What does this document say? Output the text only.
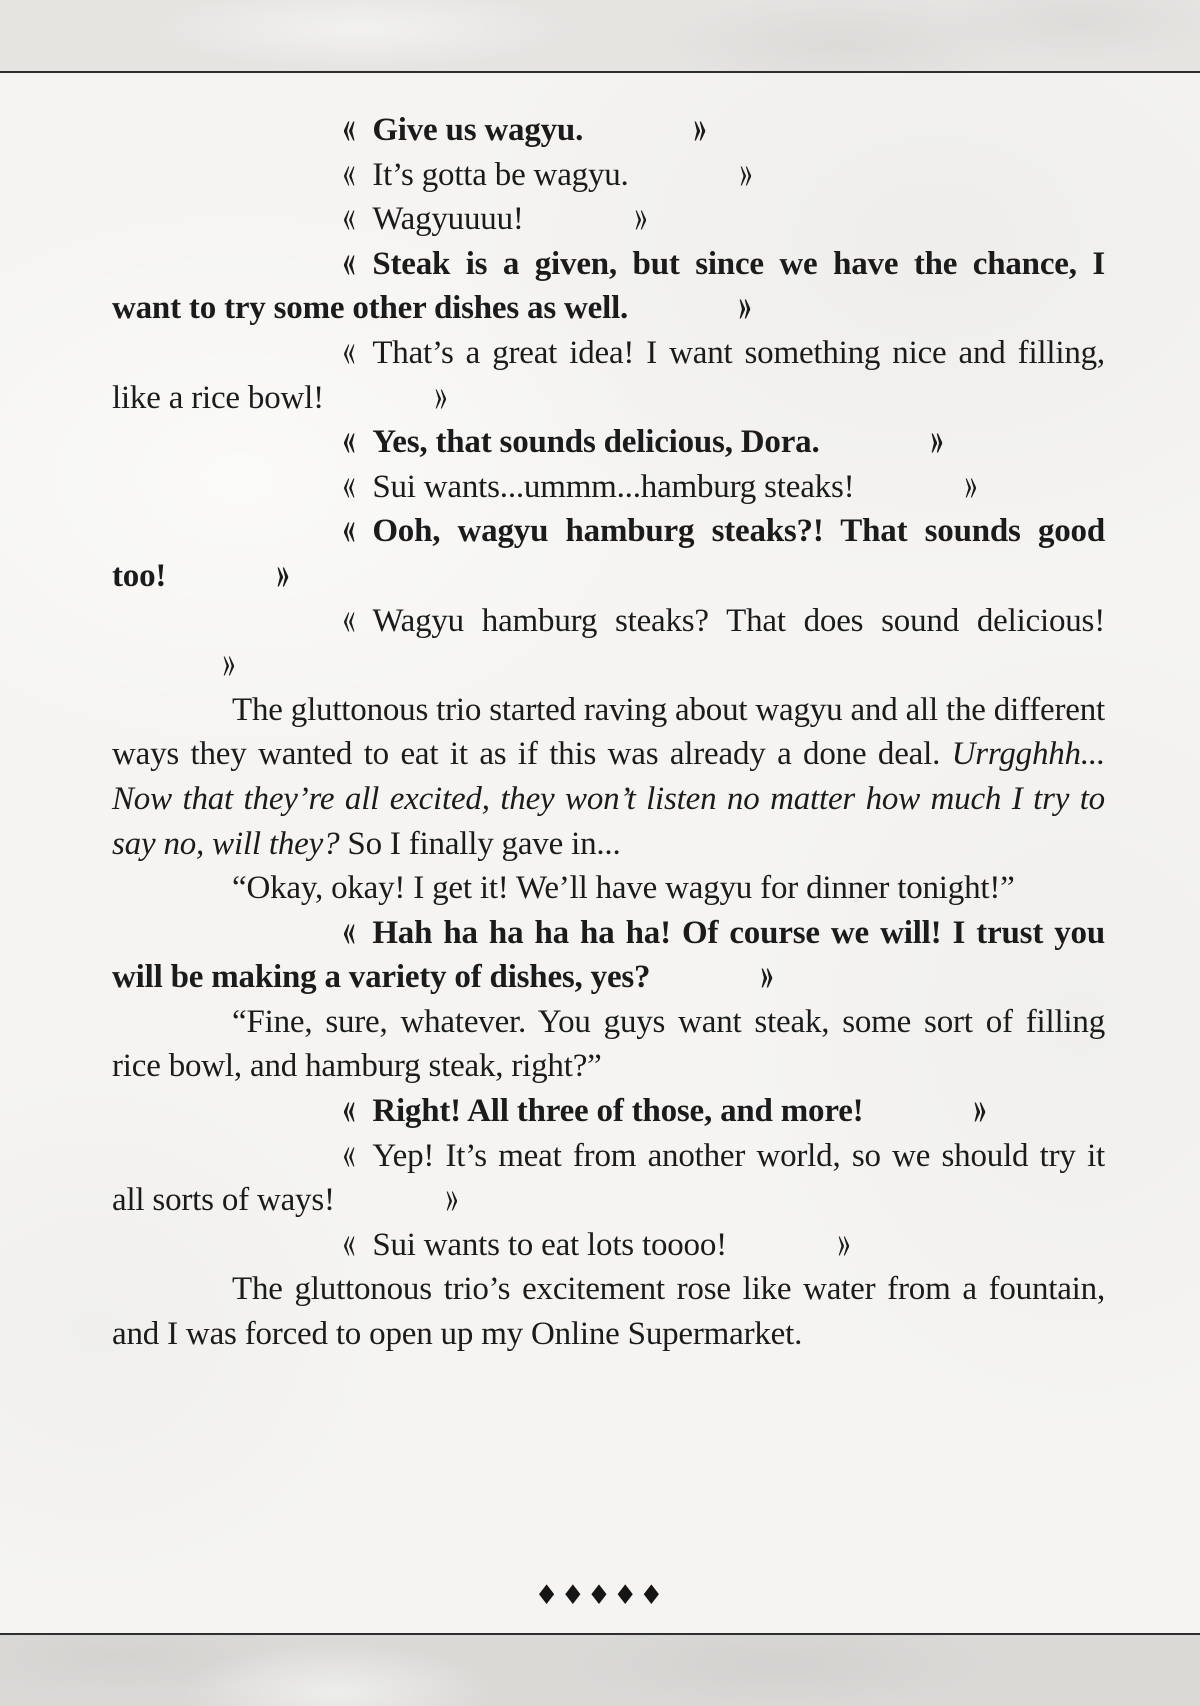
« Give us wagyu.	»

« It’s gotta be wagyu.	»

« Wagyuuuu!	»

« Steak is a given, but since we have the chance, I want to try some other dishes as well.	»

« That’s a great idea! I want something nice and filling, like a rice bowl!	»

« Yes, that sounds delicious, Dora.	»

« Sui wants...ummm...hamburg steaks!	»

« Ooh, wagyu hamburg steaks?! That sounds good too!	»

« Wagyu hamburg steaks? That does sound delicious!»

The gluttonous trio started raving about wagyu and all the different ways they wanted to eat it as if this was already a done deal. Urrgghhh... Now that they’re all excited, they won’t listen no matter how much I try to say no, will they? So I finally gave in...

“Okay, okay! I get it! We’ll have wagyu for dinner tonight!”

« Hah ha ha ha ha ha! Of course we will! I trust you will be making a variety of dishes, yes?	»

“Fine, sure, whatever. You guys want steak, some sort of filling rice bowl, and hamburg steak, right?”

« Right! All three of those, and more!	»

« Yep! It’s meat from another world, so we should try it all sorts of ways!	»

« Sui wants to eat lots toooo!	»

The gluttonous trio’s excitement rose like water from a fountain, and I was forced to open up my Online Supermarket.

♦♦♦♦♦
